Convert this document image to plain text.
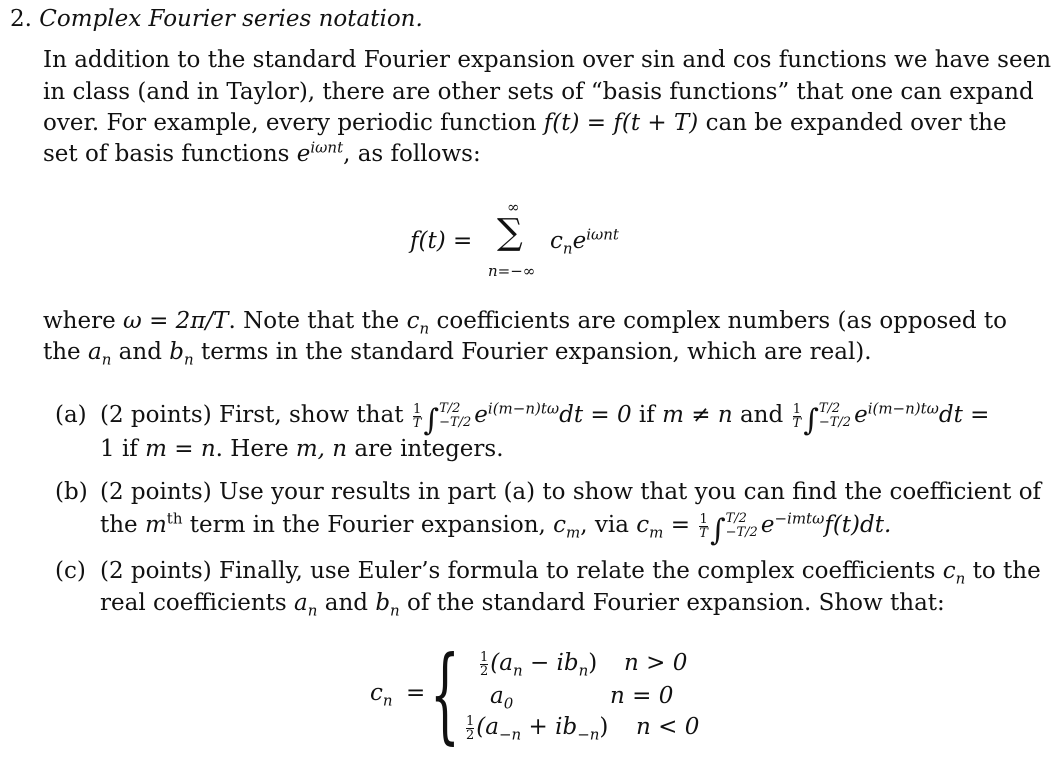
2. Complex Fourier series notation.
In addition to the standard Fourier expansion over sin and cos functions we have seen
in class (and in Taylor), there are other sets of “basis functions” that one can expand
over. For example, every periodic function f(t) = f(t + T) can be expanded over the
set of basis functions $e^{i\omega nt}$, as follows:
f(t) =
∞
∑
n=−∞
$c_ne^{i\omega nt}$
where ω = 2π/T. Note that the $c_n$ coefficients are complex numbers (as opposed to
the $a_n$ and $b_n$ terms in the standard Fourier expansion, which are real).
(a) (2 points) First, show that $\frac{1}{T}$ ∫ T/2
−T/2 $e^{i(m-n)t\omega}dt = 0$ if m ≠ n and $\frac{1}{T}$ ∫ T/2
−T/2 $e^{i(m-n)t\omega}dt$ =
1 if m = n. Here m, n are integers.
(b) (2 points) Use your results in part (a) to show that you can find the coefficient of
the $m^{th}$ term in the Fourier expansion, $c_m$, via $c_m = \frac{1}{T}$ ∫ T/2
−T/2 $e^{-imt\omega}f(t)dt$.
(c) (2 points) Finally, use Euler’s formula to relate the complex coefficients $c_n$ to the
real coefficients $a_n$ and $b_n$ of the standard Fourier expansion. Show that:
$c_n$ = { $\frac{1}{2} (a_n - ib_n) n > 0$
$a_0$	n = 0
$\frac{1}{2} (a_{-n} + ib_{-n}) n < 0$
